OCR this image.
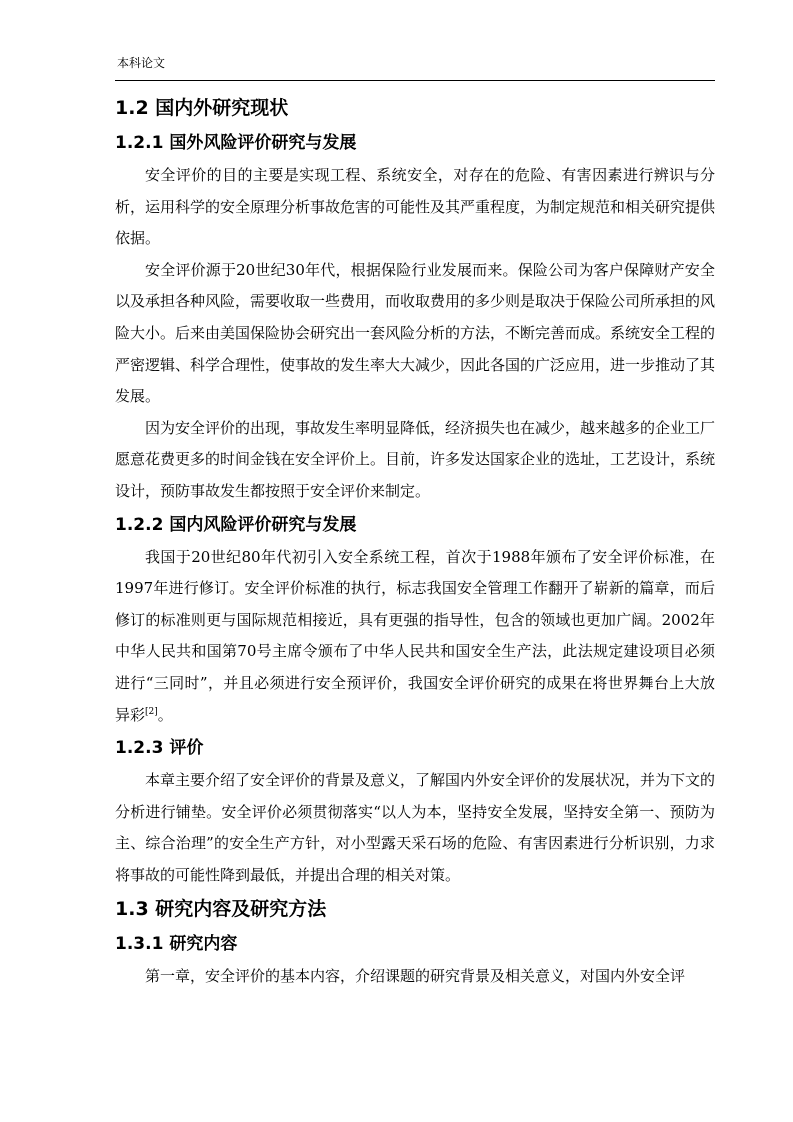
本科论文
1.2 国内外研究现状
1.2.1 国外风险评价研究与发展

安全评价的目的主要是实现工程、系统安全，对存在的危险、有害因素进行辨识与分析，运用科学的安全原理分析事故危害的可能性及其严重程度，为制定规范和相关研究提供依据。

安全评价源于20世纪30年代，根据保险行业发展而来。保险公司为客户保障财产安全以及承担各种风险，需要收取一些费用，而收取费用的多少则是取决于保险公司所承担的风险大小。后来由美国保险协会研究出一套风险分析的方法，不断完善而成。系统安全工程的严密逻辑、科学合理性，使事故的发生率大大减少，因此各国的广泛应用，进一步推动了其发展。

因为安全评价的出现，事故发生率明显降低，经济损失也在减少，越来越多的企业工厂愿意花费更多的时间金钱在安全评价上。目前，许多发达国家企业的选址，工艺设计，系统设计，预防事故发生都按照于安全评价来制定。

1.2.2 国内风险评价研究与发展

我国于20世纪80年代初引入安全系统工程，首次于1988年颁布了安全评价标准，在1997年进行修订。安全评价标准的执行，标志我国安全管理工作翻开了崭新的篇章，而后修订的标准则更与国际规范相接近，具有更强的指导性，包含的领域也更加广阔。2002年中华人民共和国第70号主席令颁布了中华人民共和国安全生产法，此法规定建设项目必须进行“三同时”，并且必须进行安全预评价，我国安全评价研究的成果在将世界舞台上大放异彩[2]。

1.2.3 评价

本章主要介绍了安全评价的背景及意义，了解国内外安全评价的发展状况，并为下文的分析进行铺垫。安全评价必须贯彻落实“以人为本，坚持安全发展，坚持安全第一、预防为主、综合治理”的安全生产方针，对小型露天采石场的危险、有害因素进行分析识别，力求将事故的可能性降到最低，并提出合理的相关对策。

1.3 研究内容及研究方法
1.3.1 研究内容

第一章，安全评价的基本内容，介绍课题的研究背景及相关意义，对国内外安全评
